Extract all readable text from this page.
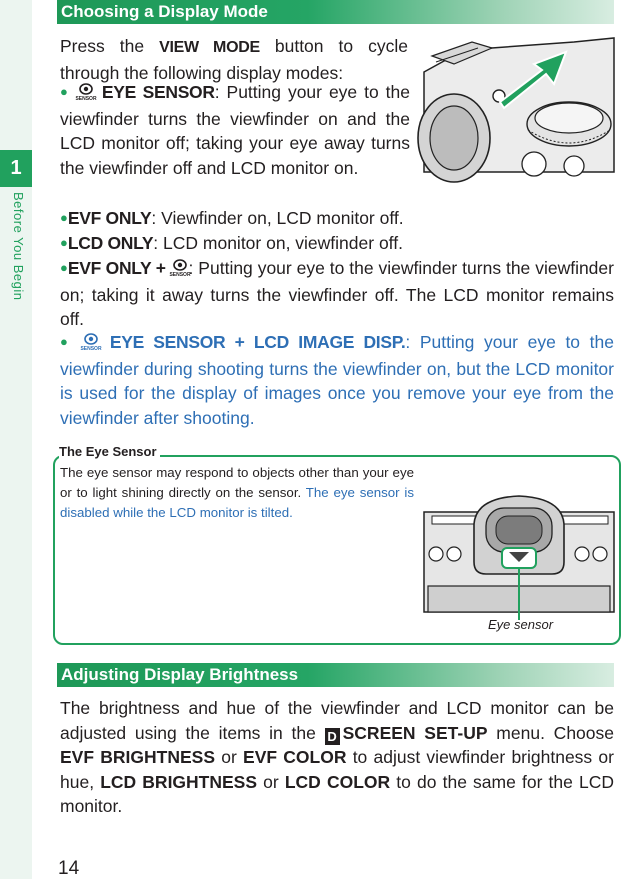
1
Before You Begin
Choosing a Display Mode
Press the VIEW MODE button to cycle through the following display modes:
● SENSOR EYE SENSOR: Putting your eye to the viewfinder turns the viewfinder on and the LCD monitor off; taking your eye away turns the viewfinder off and LCD monitor on.
●EVF ONLY: Viewfinder on, LCD monitor off.
●LCD ONLY: LCD monitor on, viewfinder off.
●EVF ONLY + SENSOR
: Putting your eye to the viewfinder turns the viewfinder on; taking it away turns the viewfinder off. The LCD monitor remains off.
● SENSOR EYE SENSOR + LCD IMAGE DISP.: Putting your eye to the viewfinder during shooting turns the viewfinder on, but the LCD monitor is used for the display of images once you remove your eye from the viewfinder after shooting.
The Eye Sensor
The eye sensor may respond to objects other than your eye or to light shining directly on the sensor. The eye sensor is disabled while the LCD monitor is tilted.
Eye sensor
Adjusting Display Brightness
The brightness and hue of the viewfinder and LCD monitor can be adjusted using the items in the D SCREEN SET-UP menu. Choose EVF BRIGHTNESS or EVF COLOR to adjust viewfinder brightness or hue, LCD BRIGHTNESS or LCD COLOR to do the same for the LCD monitor.
14
